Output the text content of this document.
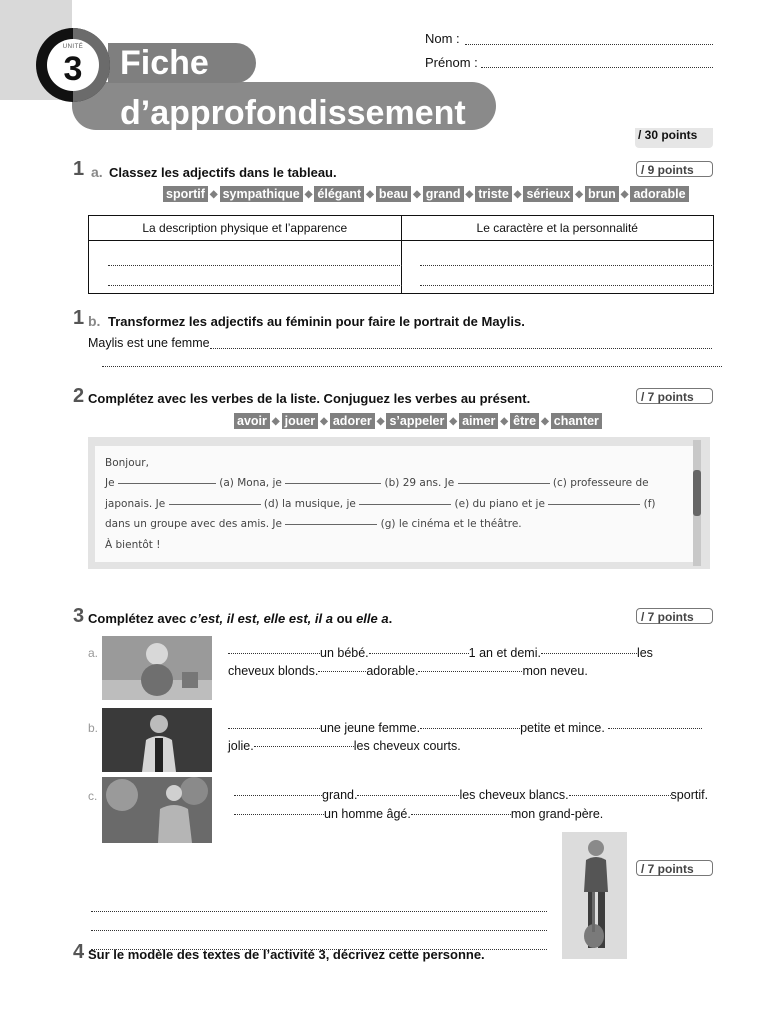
Fiche
d’approfondissement
UNITÉ
3
Nom :
Prénom :
/ 30 points
1 a. Classez les adjectifs dans le tableau.	/ 9 points
sportif ◆ sympathique ◆ élégant ◆ beau ◆ grand ◆ triste ◆ sérieux ◆ brun ◆ adorable
La description physique et l’apparence	Le caractère et la personnalité

1 b. Transformez les adjectifs au féminin pour faire le portrait de Maylis.
Maylis est une femme
2 Complétez avec les verbes de la liste. Conjuguez les verbes au présent.	/ 7 points
avoir ◆ jouer ◆ adorer ◆ s’appeler ◆ aimer ◆ être ◆ chanter
Bonjour,
Je	(a) Mona, je	(b) 29 ans. Je	(c) professeure de
japonais. Je	(d) la musique, je	(e) du piano et je	(f)
dans un groupe avec des amis. Je	(g) le cinéma et le théâtre.
À bientôt !
3 Complétez avec c’est, il est, elle est, il a ou elle a.	/ 7 points
a.	un bébé.	1 an et demi.	les
cheveux blonds.	adorable.	mon neveu.
b.	une jeune femme.	petite et mince.
jolie.	les cheveux courts.
c.	grand.	les cheveux blancs.	sportif.
un homme âgé.	mon grand-père.
/ 7 points
4 Sur le modèle des textes de l’activité 3, décrivez cette personne.
